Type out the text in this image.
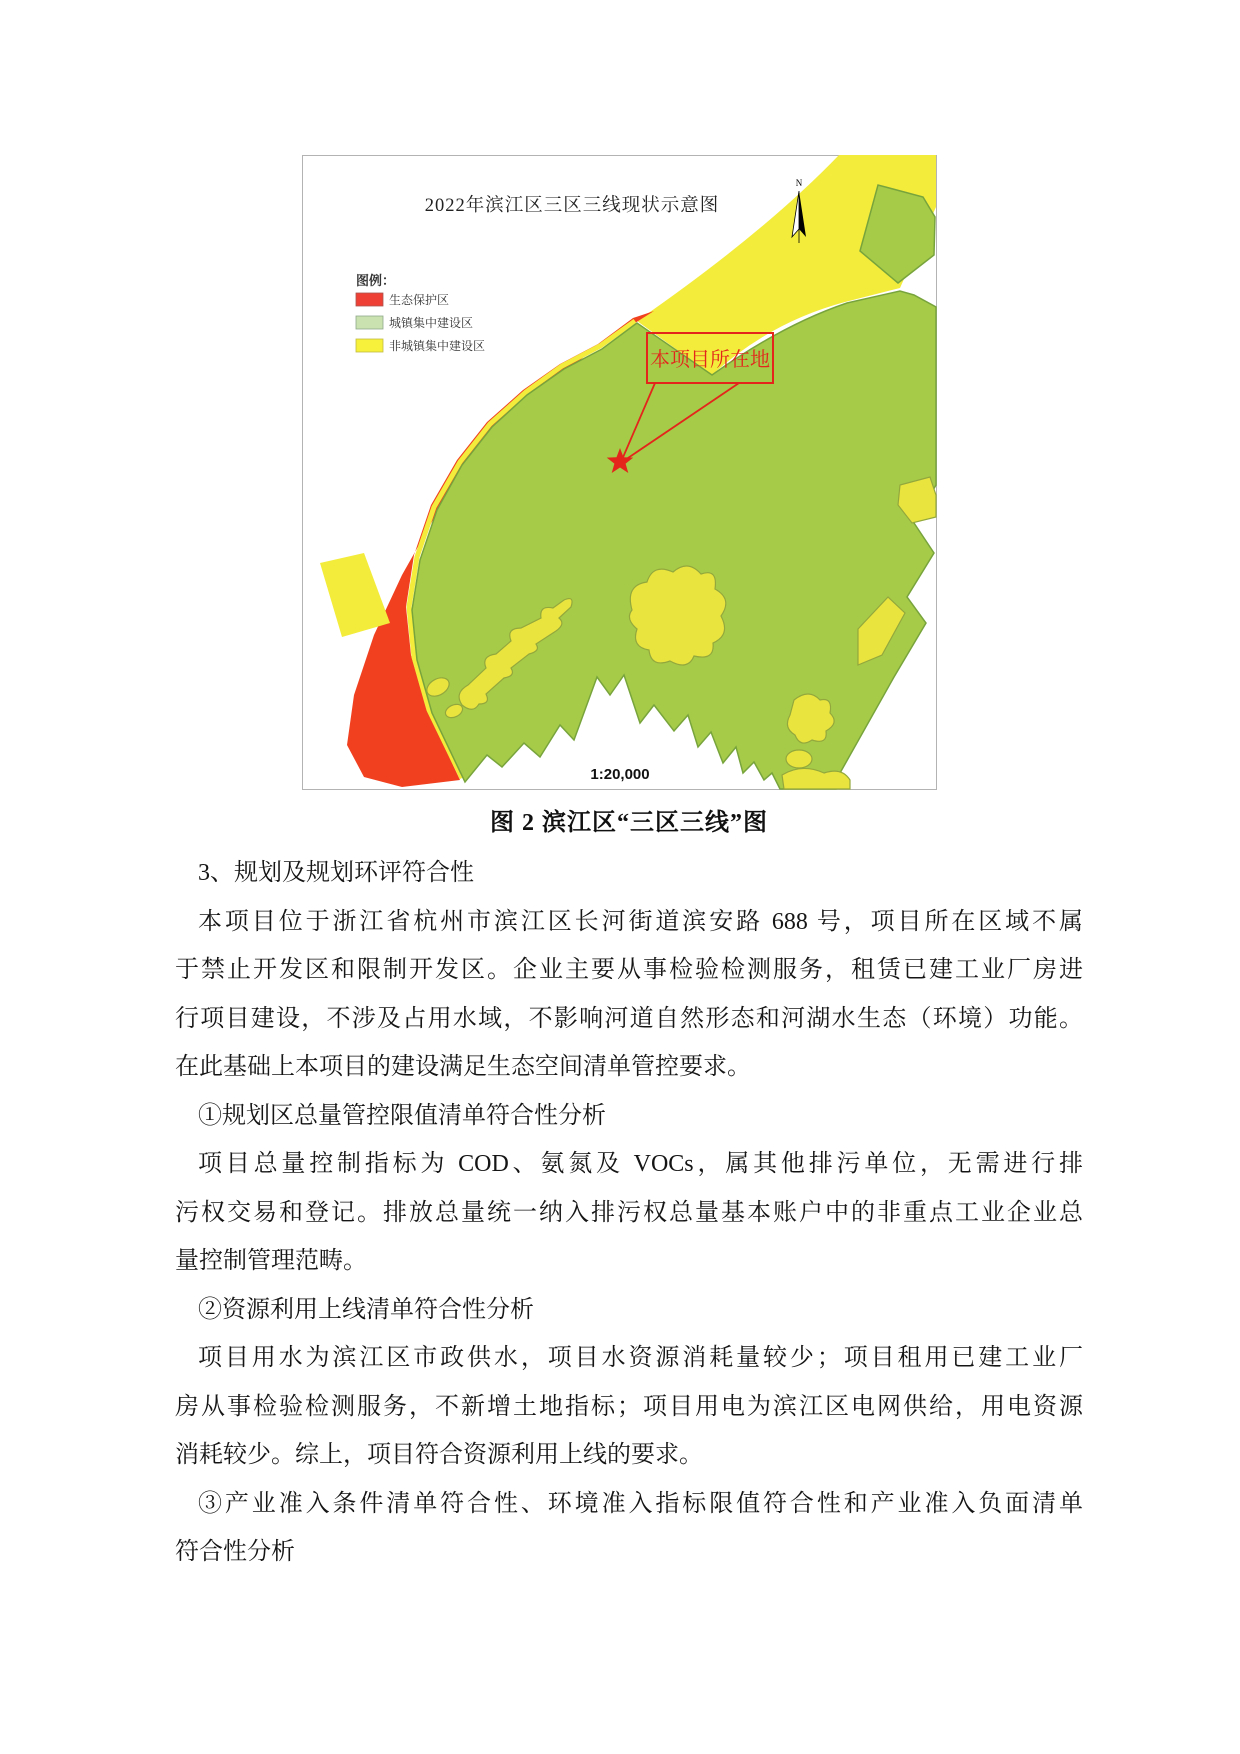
2022年滨江区三区三线现状示意图
N
图例：
生态保护区
城镇集中建设区
非城镇集中建设区
本项目所在地
1:20,000
图 2 滨江区“三区三线”图
3、规划及规划环评符合性
本项目位于浙江省杭州市滨江区长河街道滨安路 688 号，项目所在区域不属
于禁止开发区和限制开发区。企业主要从事检验检测服务，租赁已建工业厂房进
行项目建设，不涉及占用水域，不影响河道自然形态和河湖水生态（环境）功能。
在此基础上本项目的建设满足生态空间清单管控要求。
①规划区总量管控限值清单符合性分析
项目总量控制指标为 COD、氨氮及 VOCs，属其他排污单位，无需进行排
污权交易和登记。排放总量统一纳入排污权总量基本账户中的非重点工业企业总
量控制管理范畴。
②资源利用上线清单符合性分析
项目用水为滨江区市政供水，项目水资源消耗量较少；项目租用已建工业厂
房从事检验检测服务，不新增土地指标；项目用电为滨江区电网供给，用电资源
消耗较少。综上，项目符合资源利用上线的要求。
③产业准入条件清单符合性、环境准入指标限值符合性和产业准入负面清单
符合性分析
